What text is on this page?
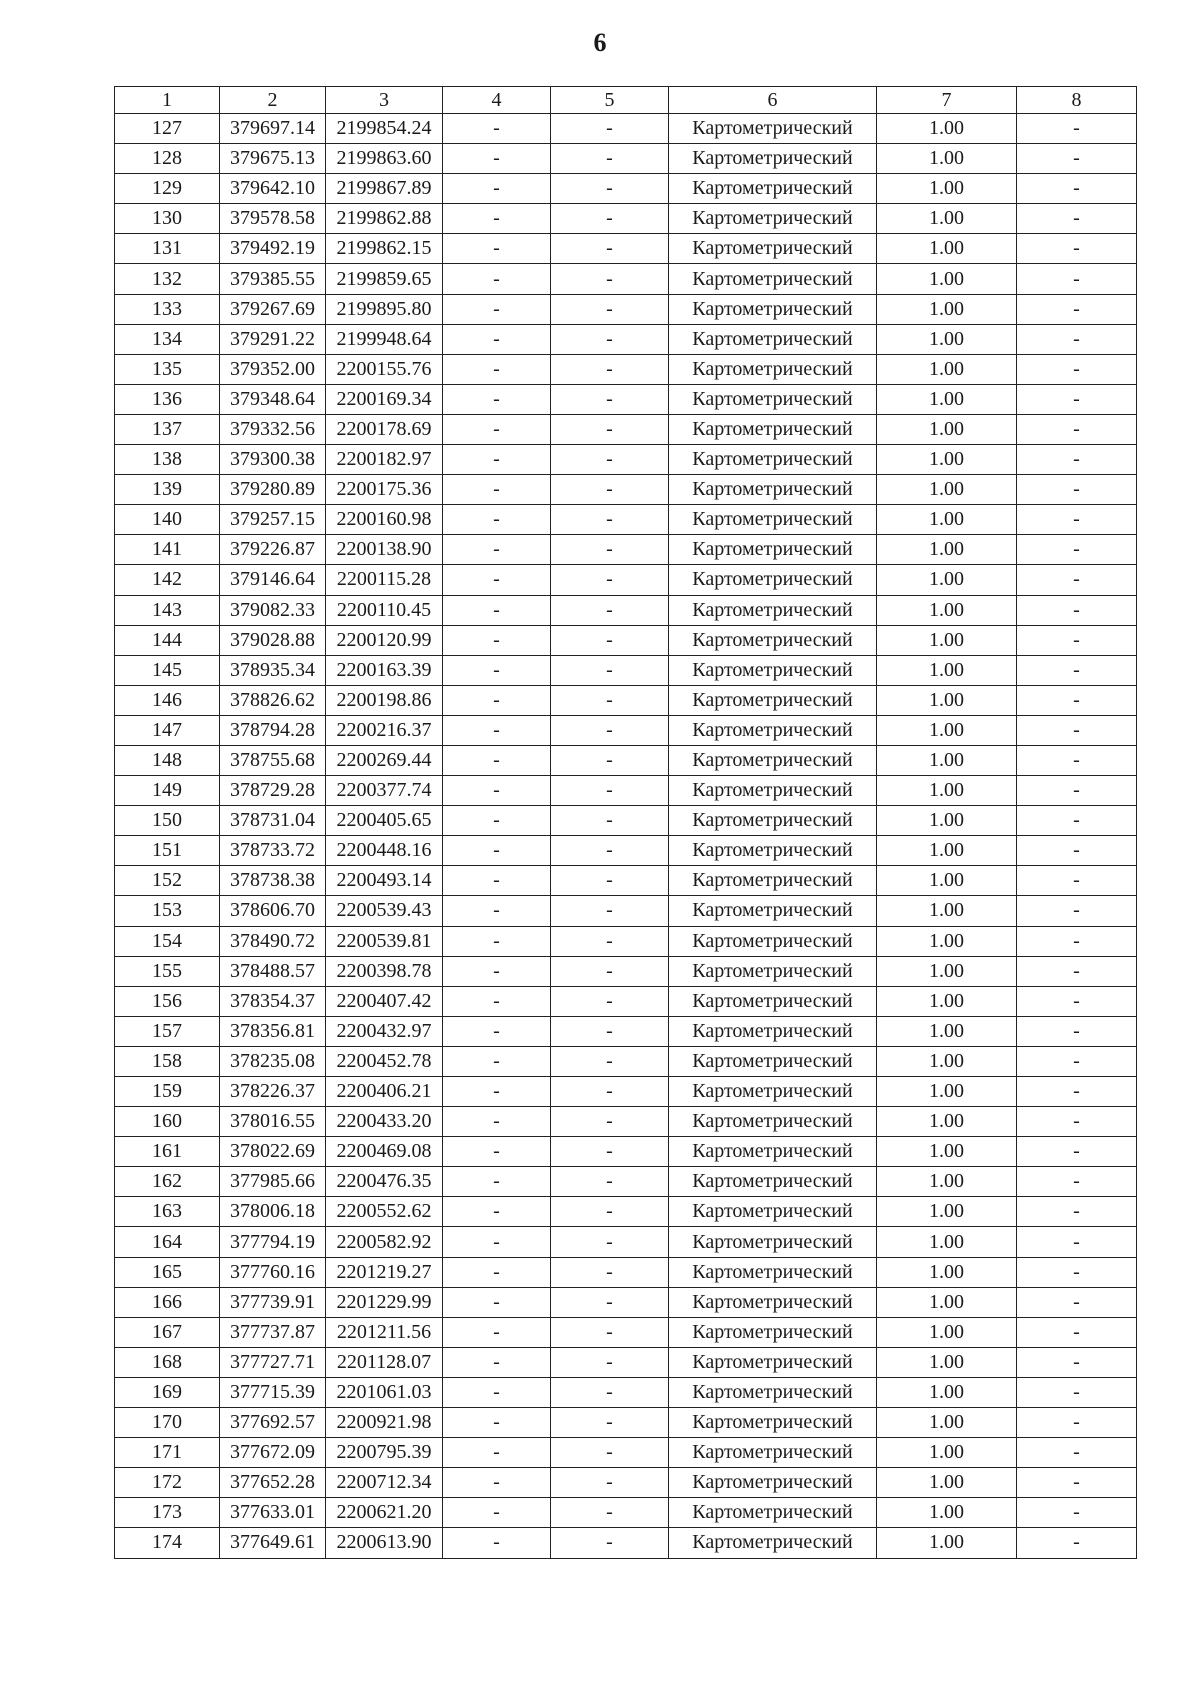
6
1	2	3	4	5	6	7	8
127	379697.14	2199854.24	-	-	Картометрический	1.00	-
128	379675.13	2199863.60	-	-	Картометрический	1.00	-
129	379642.10	2199867.89	-	-	Картометрический	1.00	-
130	379578.58	2199862.88	-	-	Картометрический	1.00	-
131	379492.19	2199862.15	-	-	Картометрический	1.00	-
132	379385.55	2199859.65	-	-	Картометрический	1.00	-
133	379267.69	2199895.80	-	-	Картометрический	1.00	-
134	379291.22	2199948.64	-	-	Картометрический	1.00	-
135	379352.00	2200155.76	-	-	Картометрический	1.00	-
136	379348.64	2200169.34	-	-	Картометрический	1.00	-
137	379332.56	2200178.69	-	-	Картометрический	1.00	-
138	379300.38	2200182.97	-	-	Картометрический	1.00	-
139	379280.89	2200175.36	-	-	Картометрический	1.00	-
140	379257.15	2200160.98	-	-	Картометрический	1.00	-
141	379226.87	2200138.90	-	-	Картометрический	1.00	-
142	379146.64	2200115.28	-	-	Картометрический	1.00	-
143	379082.33	2200110.45	-	-	Картометрический	1.00	-
144	379028.88	2200120.99	-	-	Картометрический	1.00	-
145	378935.34	2200163.39	-	-	Картометрический	1.00	-
146	378826.62	2200198.86	-	-	Картометрический	1.00	-
147	378794.28	2200216.37	-	-	Картометрический	1.00	-
148	378755.68	2200269.44	-	-	Картометрический	1.00	-
149	378729.28	2200377.74	-	-	Картометрический	1.00	-
150	378731.04	2200405.65	-	-	Картометрический	1.00	-
151	378733.72	2200448.16	-	-	Картометрический	1.00	-
152	378738.38	2200493.14	-	-	Картометрический	1.00	-
153	378606.70	2200539.43	-	-	Картометрический	1.00	-
154	378490.72	2200539.81	-	-	Картометрический	1.00	-
155	378488.57	2200398.78	-	-	Картометрический	1.00	-
156	378354.37	2200407.42	-	-	Картометрический	1.00	-
157	378356.81	2200432.97	-	-	Картометрический	1.00	-
158	378235.08	2200452.78	-	-	Картометрический	1.00	-
159	378226.37	2200406.21	-	-	Картометрический	1.00	-
160	378016.55	2200433.20	-	-	Картометрический	1.00	-
161	378022.69	2200469.08	-	-	Картометрический	1.00	-
162	377985.66	2200476.35	-	-	Картометрический	1.00	-
163	378006.18	2200552.62	-	-	Картометрический	1.00	-
164	377794.19	2200582.92	-	-	Картометрический	1.00	-
165	377760.16	2201219.27	-	-	Картометрический	1.00	-
166	377739.91	2201229.99	-	-	Картометрический	1.00	-
167	377737.87	2201211.56	-	-	Картометрический	1.00	-
168	377727.71	2201128.07	-	-	Картометрический	1.00	-
169	377715.39	2201061.03	-	-	Картометрический	1.00	-
170	377692.57	2200921.98	-	-	Картометрический	1.00	-
171	377672.09	2200795.39	-	-	Картометрический	1.00	-
172	377652.28	2200712.34	-	-	Картометрический	1.00	-
173	377633.01	2200621.20	-	-	Картометрический	1.00	-
174	377649.61	2200613.90	-	-	Картометрический	1.00	-
